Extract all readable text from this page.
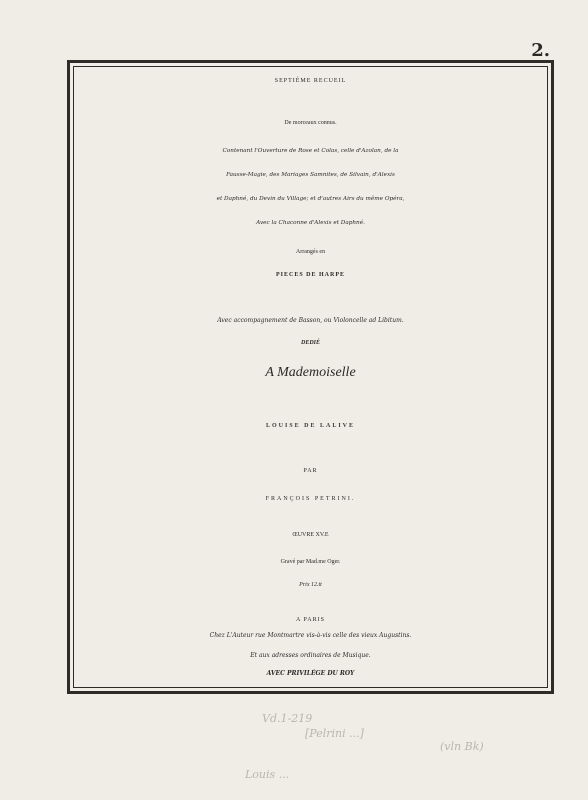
2.
SEPTIÉME RECUEIL
De morceaux connus.
Contenant l'Ouverture de Rose et Colas, celle d'Azolan, de la
Fausse-Magie, des Mariages Samnites, de Silvain, d'Alexis
et Daphné, du Devin du Village; et d'autres Airs du même Opéra,
Avec la Chaconne d'Alexis et Daphné.
Arrangés en
PIECES DE HARPE
Avec accompagnement de Basson, ou Violoncelle ad Libitum.
DEDIÉ
A Mademoiselle
LOUISE DE LALIVE
PAR
FRANÇOIS PETRINI.
ŒUVRE XV.E
Gravé par Mad.me Oger.
Prix 12.tt
A PARIS
Chez L'Auteur rue Montmartre vis-à-vis celle des vieux Augustins.
Et aux adresses ordinaires de Musique.
AVEC PRIVILÉGE DU ROY
Vd.1-219
[Pelrini ...]
(vln Bk)
Louis ...
